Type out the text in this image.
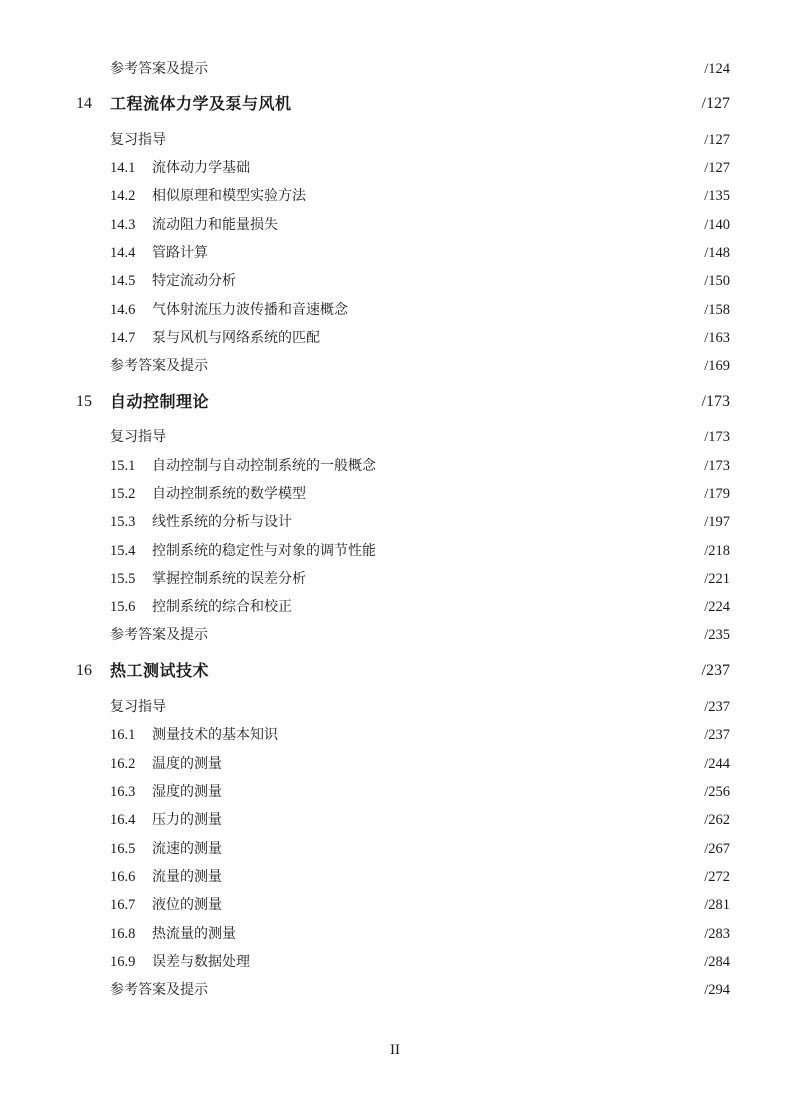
参考答案及提示	/124
14 工程流体力学及泵与风机	/127
复习指导	/127
14.1 流体动力学基础	/127
14.2 相似原理和模型实验方法	/135
14.3 流动阻力和能量损失	/140
14.4 管路计算	/148
14.5 特定流动分析	/150
14.6 气体射流压力波传播和音速概念	/158
14.7 泵与风机与网络系统的匹配	/163
参考答案及提示	/169
15 自动控制理论	/173
复习指导	/173
15.1 自动控制与自动控制系统的一般概念	/173
15.2 自动控制系统的数学模型	/179
15.3 线性系统的分析与设计	/197
15.4 控制系统的稳定性与对象的调节性能	/218
15.5 掌握控制系统的误差分析	/221
15.6 控制系统的综合和校正	/224
参考答案及提示	/235
16 热工测试技术	/237
复习指导	/237
16.1 测量技术的基本知识	/237
16.2 温度的测量	/244
16.3 湿度的测量	/256
16.4 压力的测量	/262
16.5 流速的测量	/267
16.6 流量的测量	/272
16.7 液位的测量	/281
16.8 热流量的测量	/283
16.9 误差与数据处理	/284
参考答案及提示	/294
II
